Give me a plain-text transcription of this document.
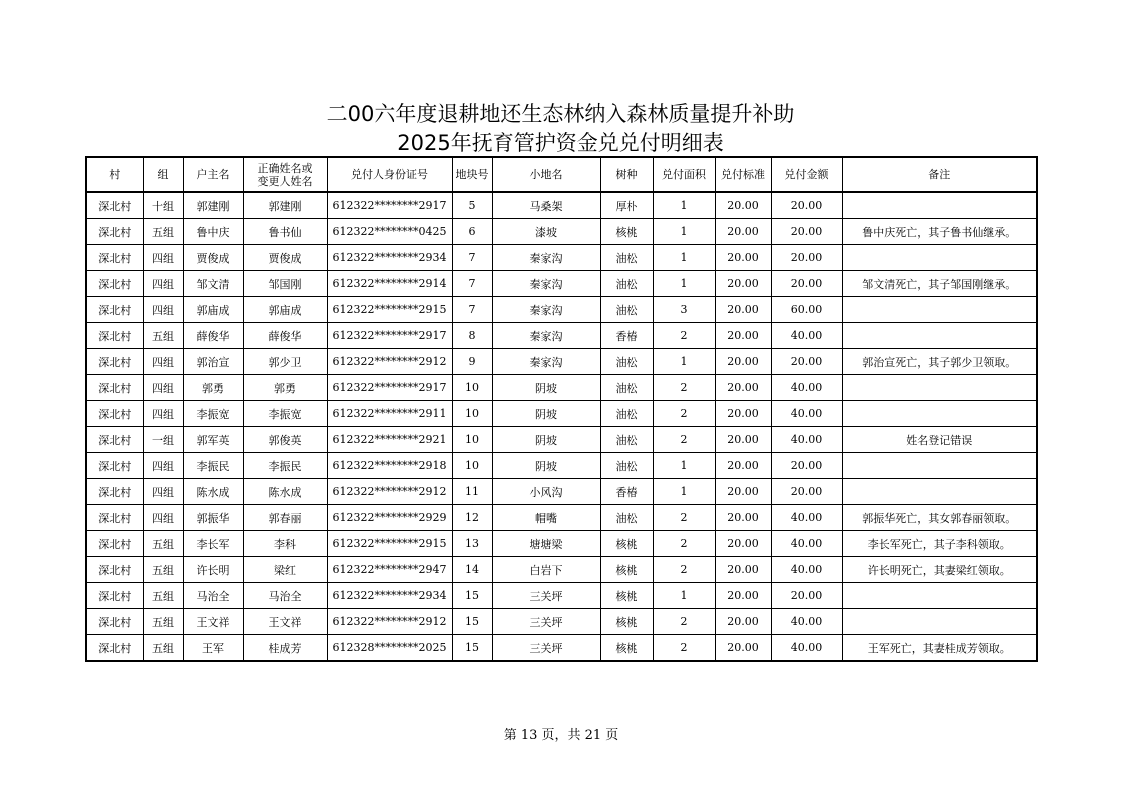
二00六年度退耕地还生态林纳入森林质量提升补助
2025年抚育管护资金兑兑付明细表
村	组	户主名	正确姓名或
变更人姓名	兑付人身份证号	地块号	小地名	树种	兑付面积	兑付标准	兑付金额	备注
深北村	十组	郭建刚	郭建刚	612322********2917	5	马桑架	厚朴	1	20.00	20.00	
深北村	五组	鲁中庆	鲁书仙	612322********0425	6	漆坡	核桃	1	20.00	20.00	鲁中庆死亡，其子鲁书仙继承。
深北村	四组	贾俊成	贾俊成	612322********2934	7	秦家沟	油松	1	20.00	20.00	
深北村	四组	邹文清	邹国刚	612322********2914	7	秦家沟	油松	1	20.00	20.00	邹文清死亡，其子邹国刚继承。
深北村	四组	郭庙成	郭庙成	612322********2915	7	秦家沟	油松	3	20.00	60.00	
深北村	五组	薛俊华	薛俊华	612322********2917	8	秦家沟	香椿	2	20.00	40.00	
深北村	四组	郭治宣	郭少卫	612322********2912	9	秦家沟	油松	1	20.00	20.00	郭治宣死亡，其子郭少卫领取。
深北村	四组	郭勇	郭勇	612322********2917	10	阴坡	油松	2	20.00	40.00	
深北村	四组	李振宽	李振宽	612322********2911	10	阴坡	油松	2	20.00	40.00	
深北村	一组	郭军英	郭俊英	612322********2921	10	阴坡	油松	2	20.00	40.00	姓名登记错误
深北村	四组	李振民	李振民	612322********2918	10	阴坡	油松	1	20.00	20.00	
深北村	四组	陈水成	陈水成	612322********2912	11	小风沟	香椿	1	20.00	20.00	
深北村	四组	郭振华	郭春丽	612322********2929	12	帽嘴	油松	2	20.00	40.00	郭振华死亡，其女郭春丽领取。
深北村	五组	李长军	李科	612322********2915	13	塘塘梁	核桃	2	20.00	40.00	李长军死亡，其子李科领取。
深北村	五组	许长明	梁红	612322********2947	14	白岩下	核桃	2	20.00	40.00	许长明死亡，其妻梁红领取。
深北村	五组	马治全	马治全	612322********2934	15	三关坪	核桃	1	20.00	20.00	
深北村	五组	王文祥	王文祥	612322********2912	15	三关坪	核桃	2	20.00	40.00	
深北村	五组	王军	桂成芳	612328********2025	15	三关坪	核桃	2	20.00	40.00	王军死亡，其妻桂成芳领取。
第 13 页，共 21 页
